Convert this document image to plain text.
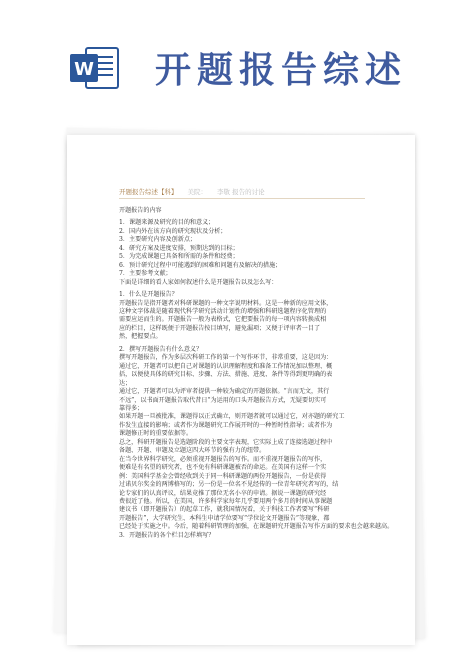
W 开题报告综述
开题报告综述【科】 美院： 李敬 报告的讨论

开题报告的内容

1．课题来源及研究的目的和意义；

2．国内外在该方向的研究现状及分析；

3．主要研究内容及创新点；

4．研究方案及进度安排，预期达到的目标；

5．为完成课题已具备和所需的条件和经费；

6．预计研究过程中可能遇到的困难和问题有及解决的措施；

7．主要参考文献；

下面是详细的看人家如何叙述什么是开题报告以及怎么写：

1．什么是开题报告？

开题报告是指开题者对科研课题的一种文字说明材料。这是一种新的应用文体，

这种文字体裁是随着现代科学研究活动计划性的增强和科研选题程序化管理的

需要应运而生的。开题报告一般为表格式，它把要报告的每一项内容转换成相

应的栏目，这样既便于开题报告按目填写，避免漏项；又便于评审者一目了

然，把握要点。

2．撰写开题报告有什么意义？

撰写开题报告，作为多层次科研工作的第一个写作环节，非常重要，这是因为：

通过它，开题者可以把自己对课题的认识理解程度和准备工作情况加以整理、概

括，以便使具体的研究目标、步骤、方法、措施、进度、条件等得到更明确的表

达；

通过它，开题者可以为评审者提供一种较为确定的开题依据。“言而无文，其行

不远”，以书面开题报告取代昔日“为运用的口头开题报告方式，无疑要切实可

靠得多；

如果开题一旦被批准，课题得以正式确立，则开题者就可以通过它，对亦题的研究工

作发生直接的影响；或者作为课题研究工作展开时的一种暂时性指导；或者作为

课题修正时的重要依据等。

总之，科研开题报告是选题阶段的主要文字表现，它实际上成了连接选题过程中

备题、开题、审题及立题这四大环节的强有力的纽带。

在当今世界科学研究，必须重视开题报告的写作。而不重视开题报告的写作，

便难是有名望的研究者，也不免有科研课题被否的命运。在美国有这样一个实

例：美国科学基金会曾经收到关于同一科研课题的两份开题报告，一份是获得

过诺贝尔奖金的两博格写的；另一份是一位名不见经传的一位青年研究者写的，结

论专家们的认真评议，结果竟推了那位无名小卒的申请。据说一课题的研究经

费很近了他。所以，在美国，许多科学家每年几乎要用两个多月的时间从事课题

建议书（即开题报告）的起草工作，就我国情况看，关于科技工作者要写“科研

开题报告”，大学研究生、本科生申请学位要写“学位论文开题报告”等现象，都

已经处于实施之中。今后，随着科研管理的加强，在课题研究开题报告写作方面的要求也会越来越高。

3．开题报告的各个栏目怎样填写？
